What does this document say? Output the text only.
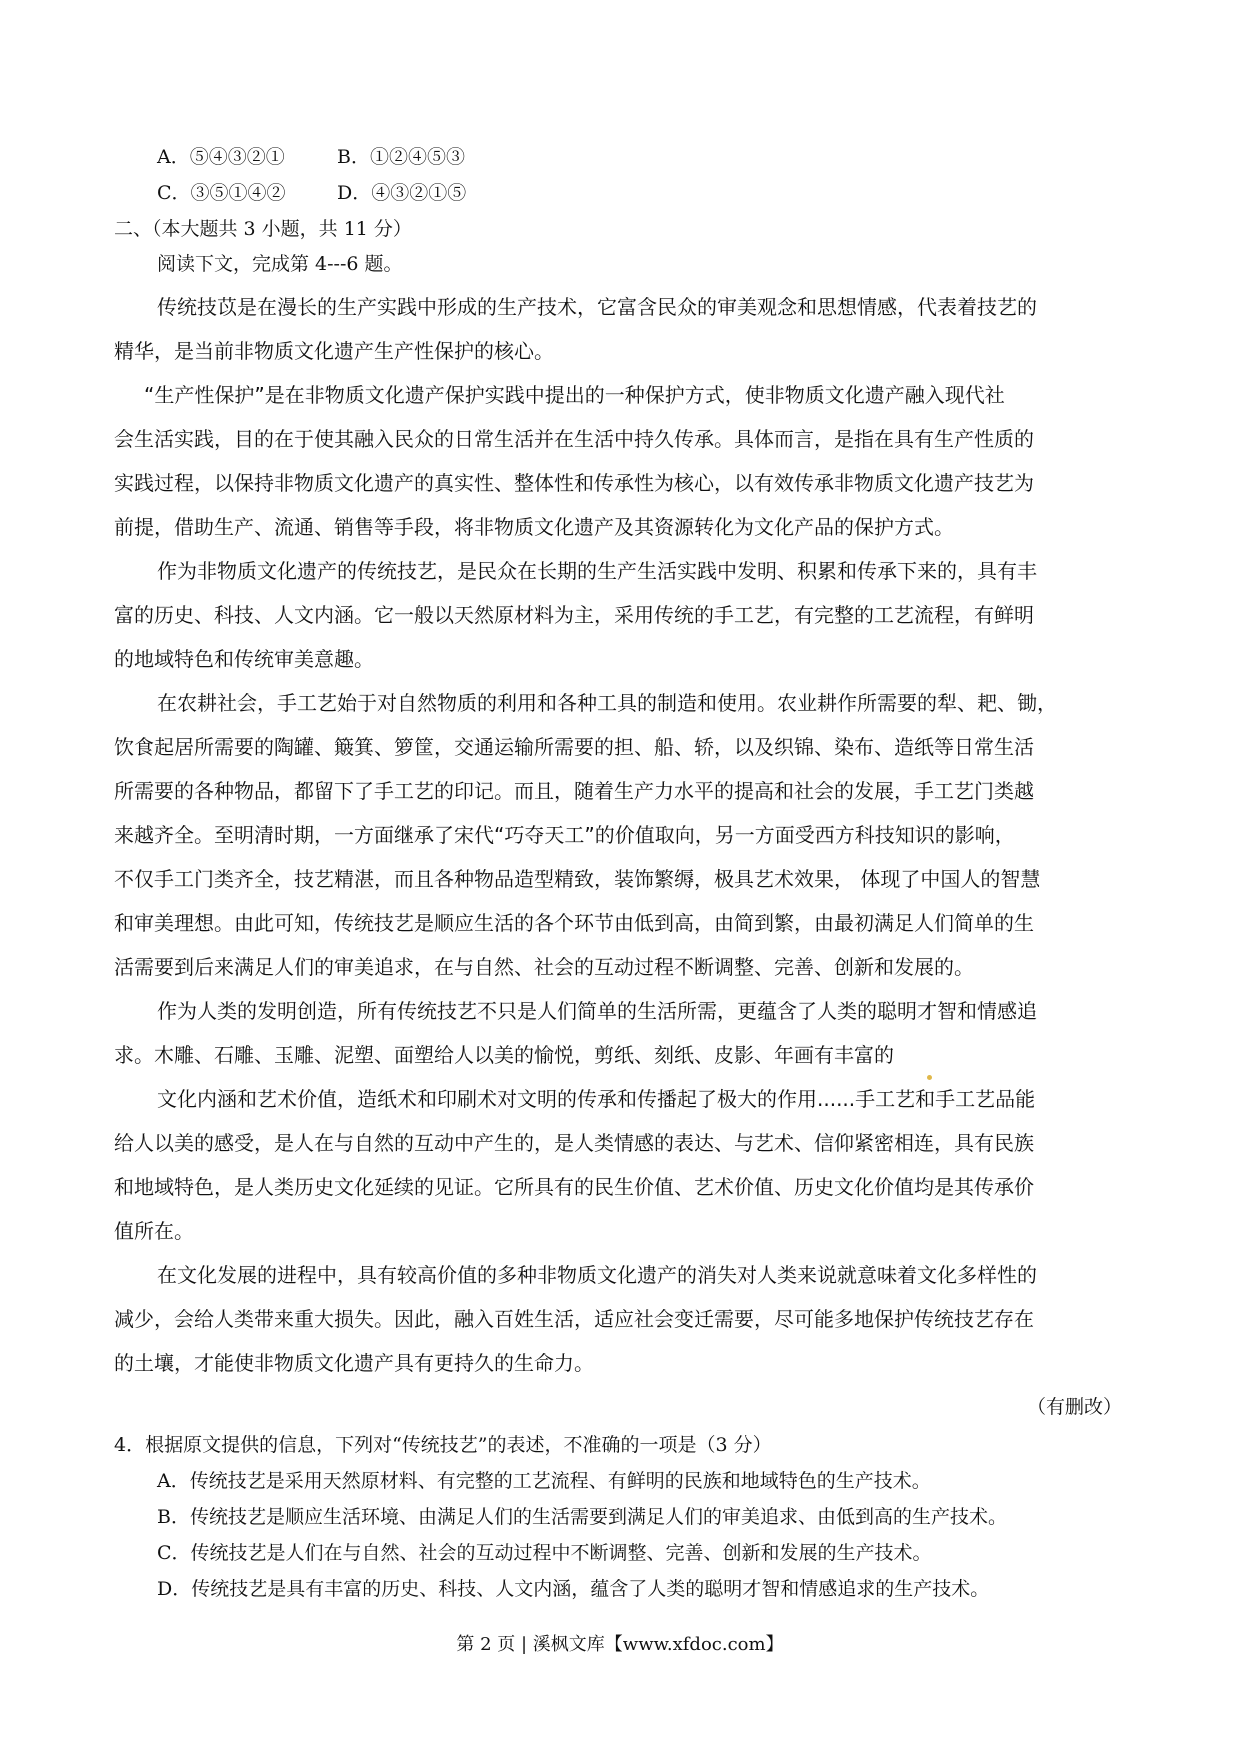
A．⑤④③②①	B．①②④⑤③
C．③⑤①④②	D．④③②①⑤
二、（本大题共 3 小题，共 11 分）
阅读下文，完成第 4---6 题。
传统技苡是在漫长的生产实践中形成的生产技术，它富含民众的审美观念和思想情感，代表着技艺的
精华，是当前非物质文化遗产生产性保护的核心。
“生产性保护”是在非物质文化遗产保护实践中提出的一种保护方式，使非物质文化遗产融入现代社
会生活实践，目的在于使其融入民众的日常生活并在生活中持久传承。具体而言，是指在具有生产性质的
实践过程，以保持非物质文化遗产的真实性、整体性和传承性为核心，以有效传承非物质文化遗产技艺为
前提，借助生产、流通、销售等手段，将非物质文化遗产及其资源转化为文化产品的保护方式。
作为非物质文化遗产的传统技艺，是民众在长期的生产生活实践中发明、积累和传承下来的，具有丰
富的历史、科技、人文内涵。它一般以天然原材料为主，采用传统的手工艺，有完整的工艺流程，有鲜明
的地域特色和传统审美意趣。
在农耕社会，手工艺始于对自然物质的利用和各种工具的制造和使用。农业耕作所需要的犁、耙、锄，
饮食起居所需要的陶罐、簸箕、箩筐，交通运输所需要的担、船、轿，以及织锦、染布、造纸等日常生活
所需要的各种物品，都留下了手工艺的印记。而且，随着生产力水平的提高和社会的发展，手工艺门类越
来越齐全。至明清时期，一方面继承了宋代“巧夺天工”的价值取向，另一方面受西方科技知识的影响，
不仅手工门类齐全，技艺精湛，而且各种物品造型精致，装饰繁缛，极具艺术效果， 体现了中国人的智慧
和审美理想。由此可知，传统技艺是顺应生活的各个环节由低到高，由简到繁，由最初满足人们简单的生
活需要到后来满足人们的审美追求，在与自然、社会的互动过程不断调整、完善、创新和发展的。
作为人类的发明创造，所有传统技艺不只是人们简单的生活所需，更蕴含了人类的聪明才智和情感追
求。木雕、石雕、玉雕、泥塑、面塑给人以美的愉悦，剪纸、刻纸、皮影、年画有丰富的
文化内涵和艺术价值，造纸术和印刷术对文明的传承和传播起了极大的作用......手工艺和手工艺品能
给人以美的感受，是人在与自然的互动中产生的，是人类情感的表达、与艺术、信仰紧密相连，具有民族
和地域特色，是人类历史文化延续的见证。它所具有的民生价值、艺术价值、历史文化价值均是其传承价
值所在。
在文化发展的进程中，具有较高价值的多种非物质文化遗产的消失对人类来说就意味着文化多样性的
减少，会给人类带来重大损失。因此，融入百姓生活，适应社会变迁需要，尽可能多地保护传统技艺存在
的土壤，才能使非物质文化遗产具有更持久的生命力。
（有删改）
4．根据原文提供的信息，下列对“传统技艺”的表述，不准确的一项是（3 分）
A．传统技艺是采用天然原材料、有完整的工艺流程、有鲜明的民族和地域特色的生产技术。
B．传统技艺是顺应生活环境、由满足人们的生活需要到满足人们的审美追求、由低到高的生产技术。
C．传统技艺是人们在与自然、社会的互动过程中不断调整、完善、创新和发展的生产技术。
D．传统技艺是具有丰富的历史、科技、人文内涵，蕴含了人类的聪明才智和情感追求的生产技术。
第 2 页 | 溪枫文库【www.xfdoc.com】
